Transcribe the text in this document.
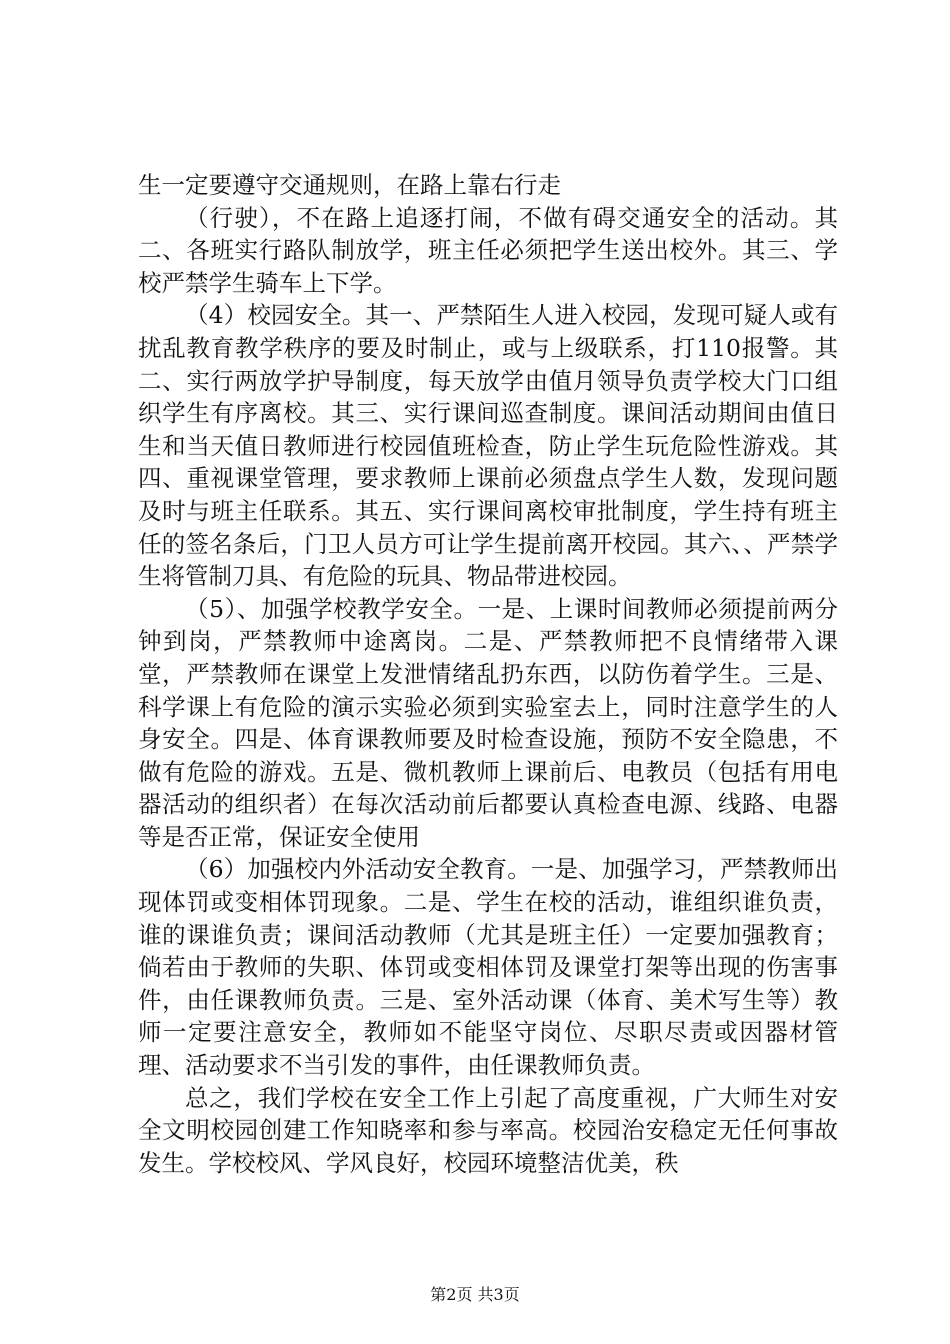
生一定要遵守交通规则，在路上靠右行走

（行驶），不在路上追逐打闹，不做有碍交通安全的活动。其二、各班实行路队制放学，班主任必须把学生送出校外。其三、学校严禁学生骑车上下学。

（4）校园安全。其一、严禁陌生人进入校园，发现可疑人或有扰乱教育教学秩序的要及时制止，或与上级联系，打110报警。其二、实行两放学护导制度，每天放学由值月领导负责学校大门口组织学生有序离校。其三、实行课间巡查制度。课间活动期间由值日生和当天值日教师进行校园值班检查，防止学生玩危险性游戏。其四、重视课堂管理，要求教师上课前必须盘点学生人数，发现问题及时与班主任联系。其五、实行课间离校审批制度，学生持有班主任的签名条后，门卫人员方可让学生提前离开校园。其六、、严禁学生将管制刀具、有危险的玩具、物品带进校园。

（5）、加强学校教学安全。一是、上课时间教师必须提前两分钟到岗，严禁教师中途离岗。二是、严禁教师把不良情绪带入课堂，严禁教师在课堂上发泄情绪乱扔东西，以防伤着学生。三是、科学课上有危险的演示实验必须到实验室去上，同时注意学生的人身安全。四是、体育课教师要及时检查设施，预防不安全隐患，不做有危险的游戏。五是、微机教师上课前后、电教员（包括有用电器活动的组织者）在每次活动前后都要认真检查电源、线路、电器等是否正常，保证安全使用

（6）加强校内外活动安全教育。一是、加强学习，严禁教师出现体罚或变相体罚现象。二是、学生在校的活动，谁组织谁负责，谁的课谁负责；课间活动教师（尤其是班主任）一定要加强教育；倘若由于教师的失职、体罚或变相体罚及课堂打架等出现的伤害事件，由任课教师负责。三是、室外活动课（体育、美术写生等）教师一定要注意安全，教师如不能坚守岗位、尽职尽责或因器材管理、活动要求不当引发的事件，由任课教师负责。

总之，我们学校在安全工作上引起了高度重视，广大师生对安全文明校园创建工作知晓率和参与率高。校园治安稳定无任何事故发生。学校校风、学风良好，校园环境整洁优美，秩

第2页 共3页
